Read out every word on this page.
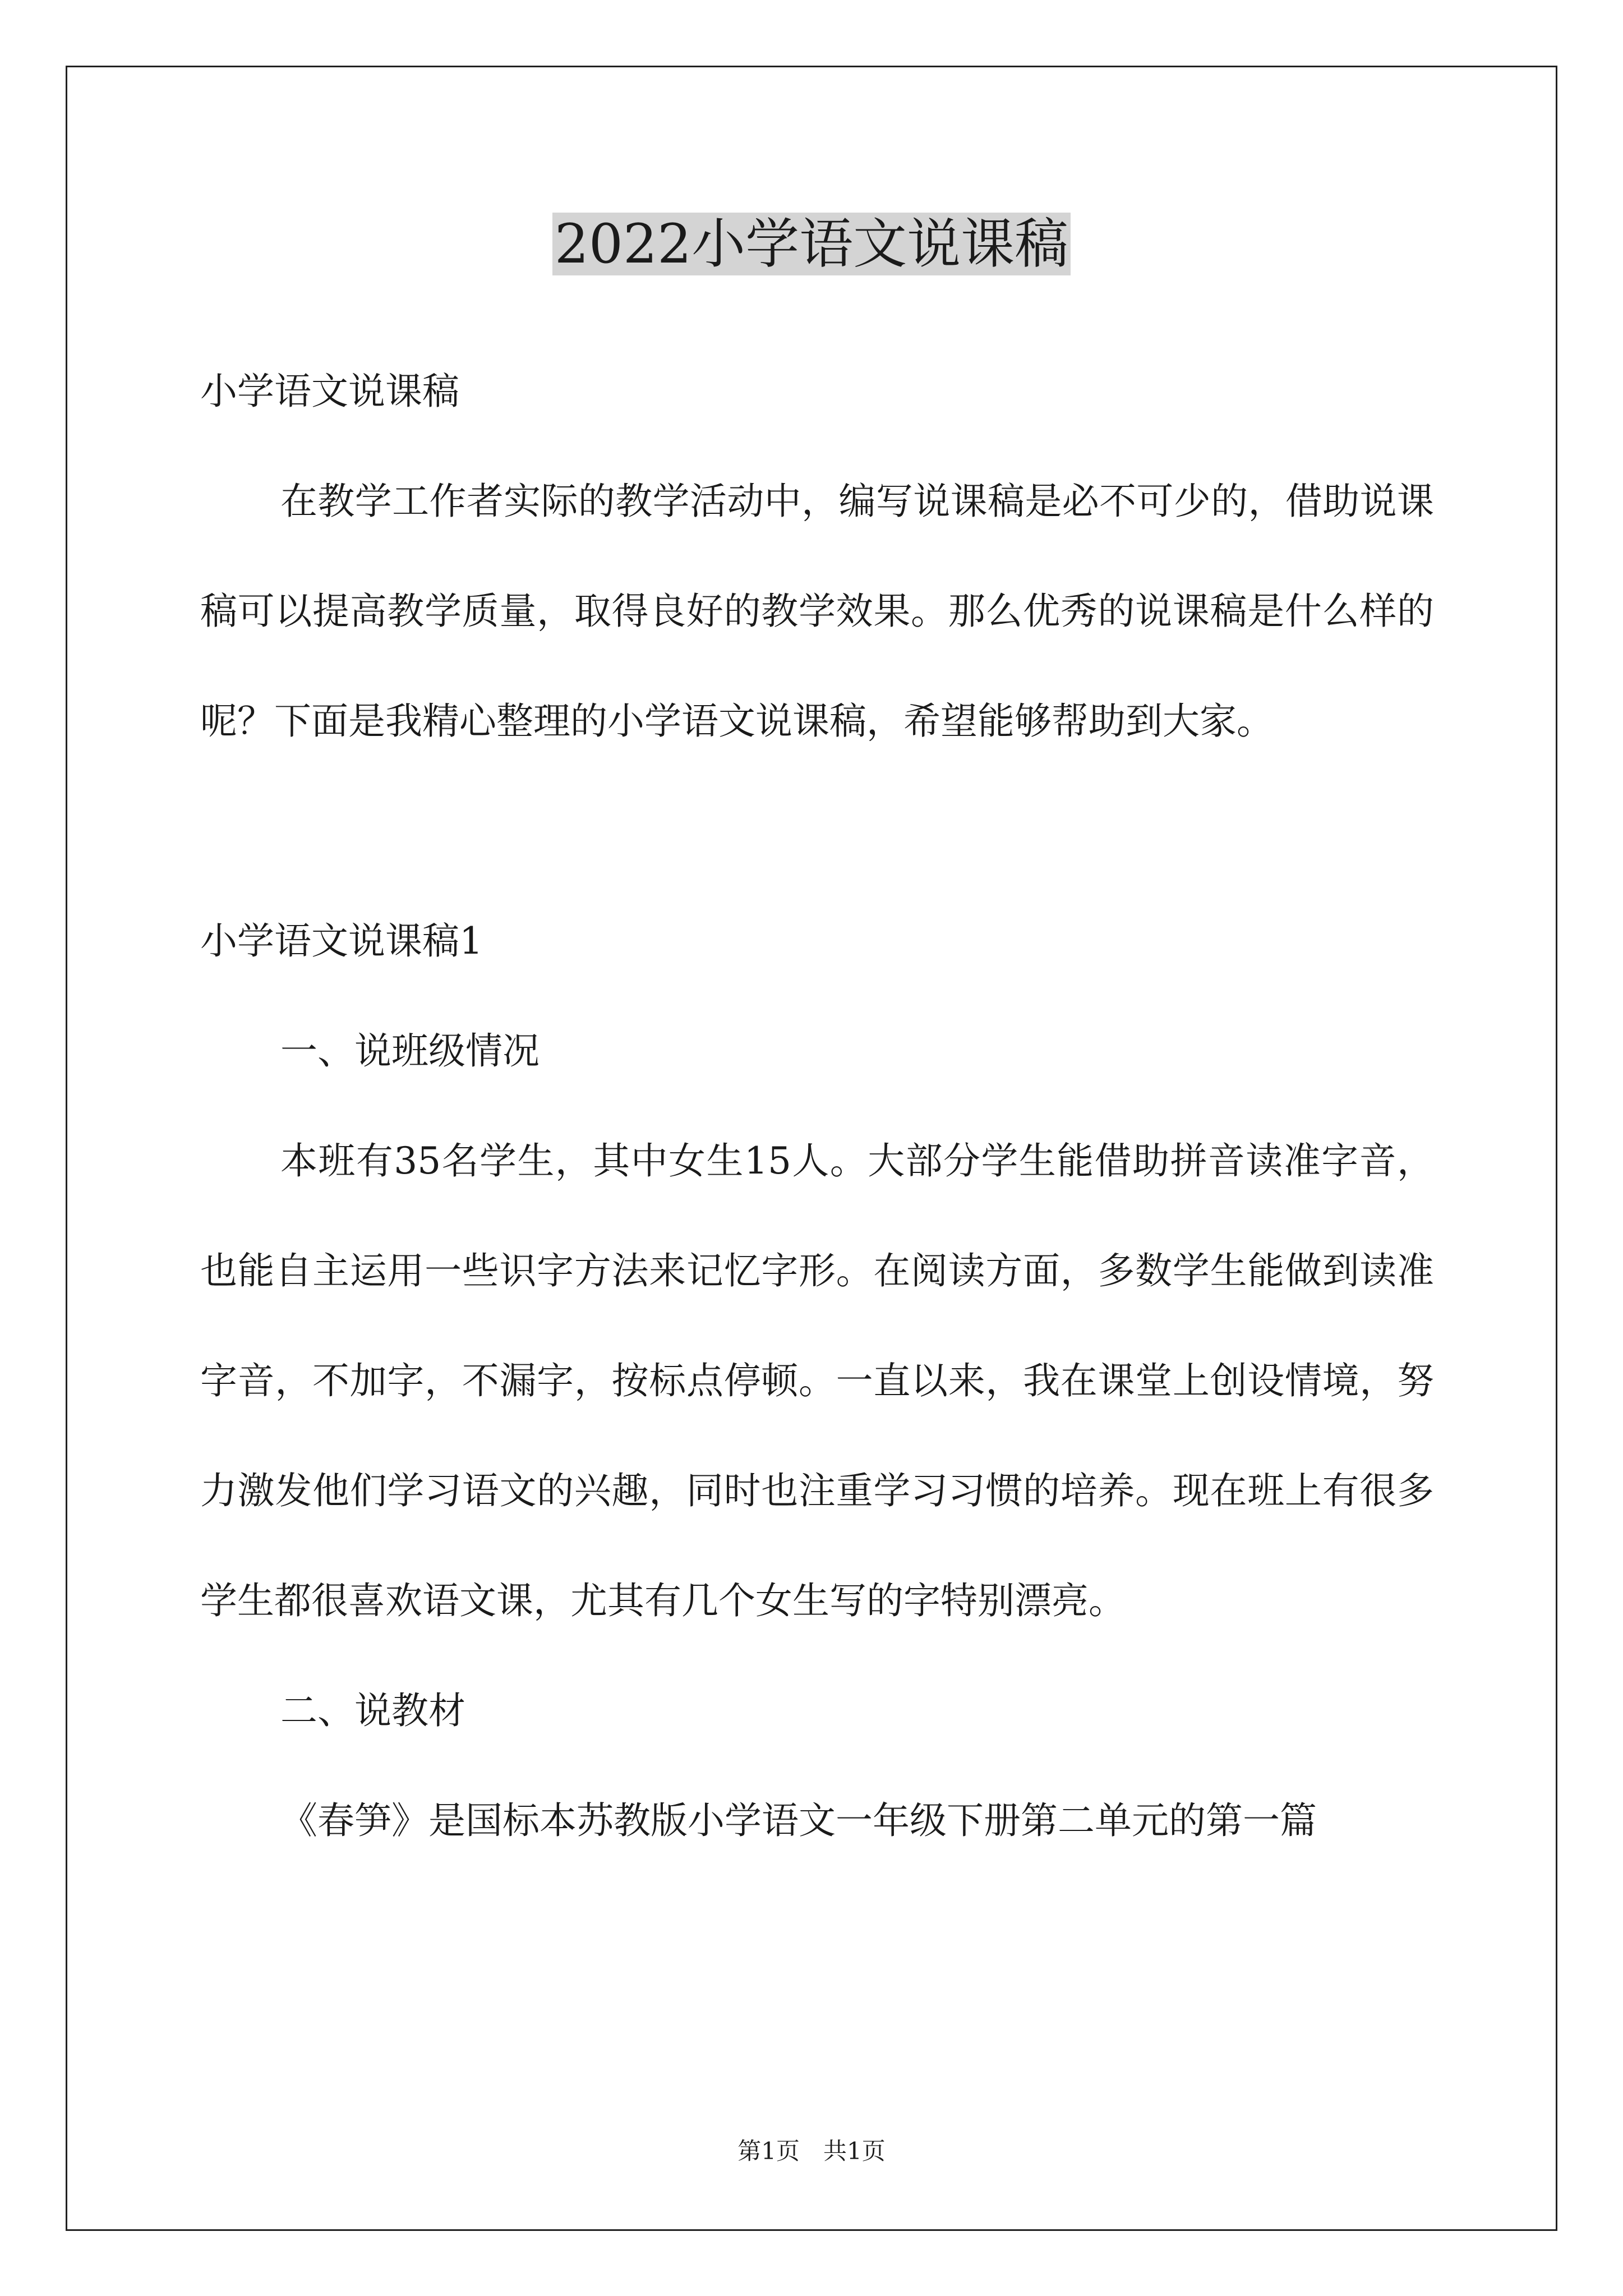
2022小学语文说课稿

小学语文说课稿

在教学工作者实际的教学活动中，编写说课稿是必不可少的，借助说课稿可以提高教学质量，取得良好的教学效果。那么优秀的说课稿是什么样的呢？下面是我精心整理的小学语文说课稿，希望能够帮助到大家。

小学语文说课稿1

一、说班级情况

本班有35名学生，其中女生15人。大部分学生能借助拼音读准字音，也能自主运用一些识字方法来记忆字形。在阅读方面，多数学生能做到读准字音，不加字，不漏字，按标点停顿。一直以来，我在课堂上创设情境，努力激发他们学习语文的兴趣，同时也注重学习习惯的培养。现在班上有很多学生都很喜欢语文课，尤其有几个女生写的字特别漂亮。

二、说教材

《春笋》是国标本苏教版小学语文一年级下册第二单元的第一篇

第1页　共1页
